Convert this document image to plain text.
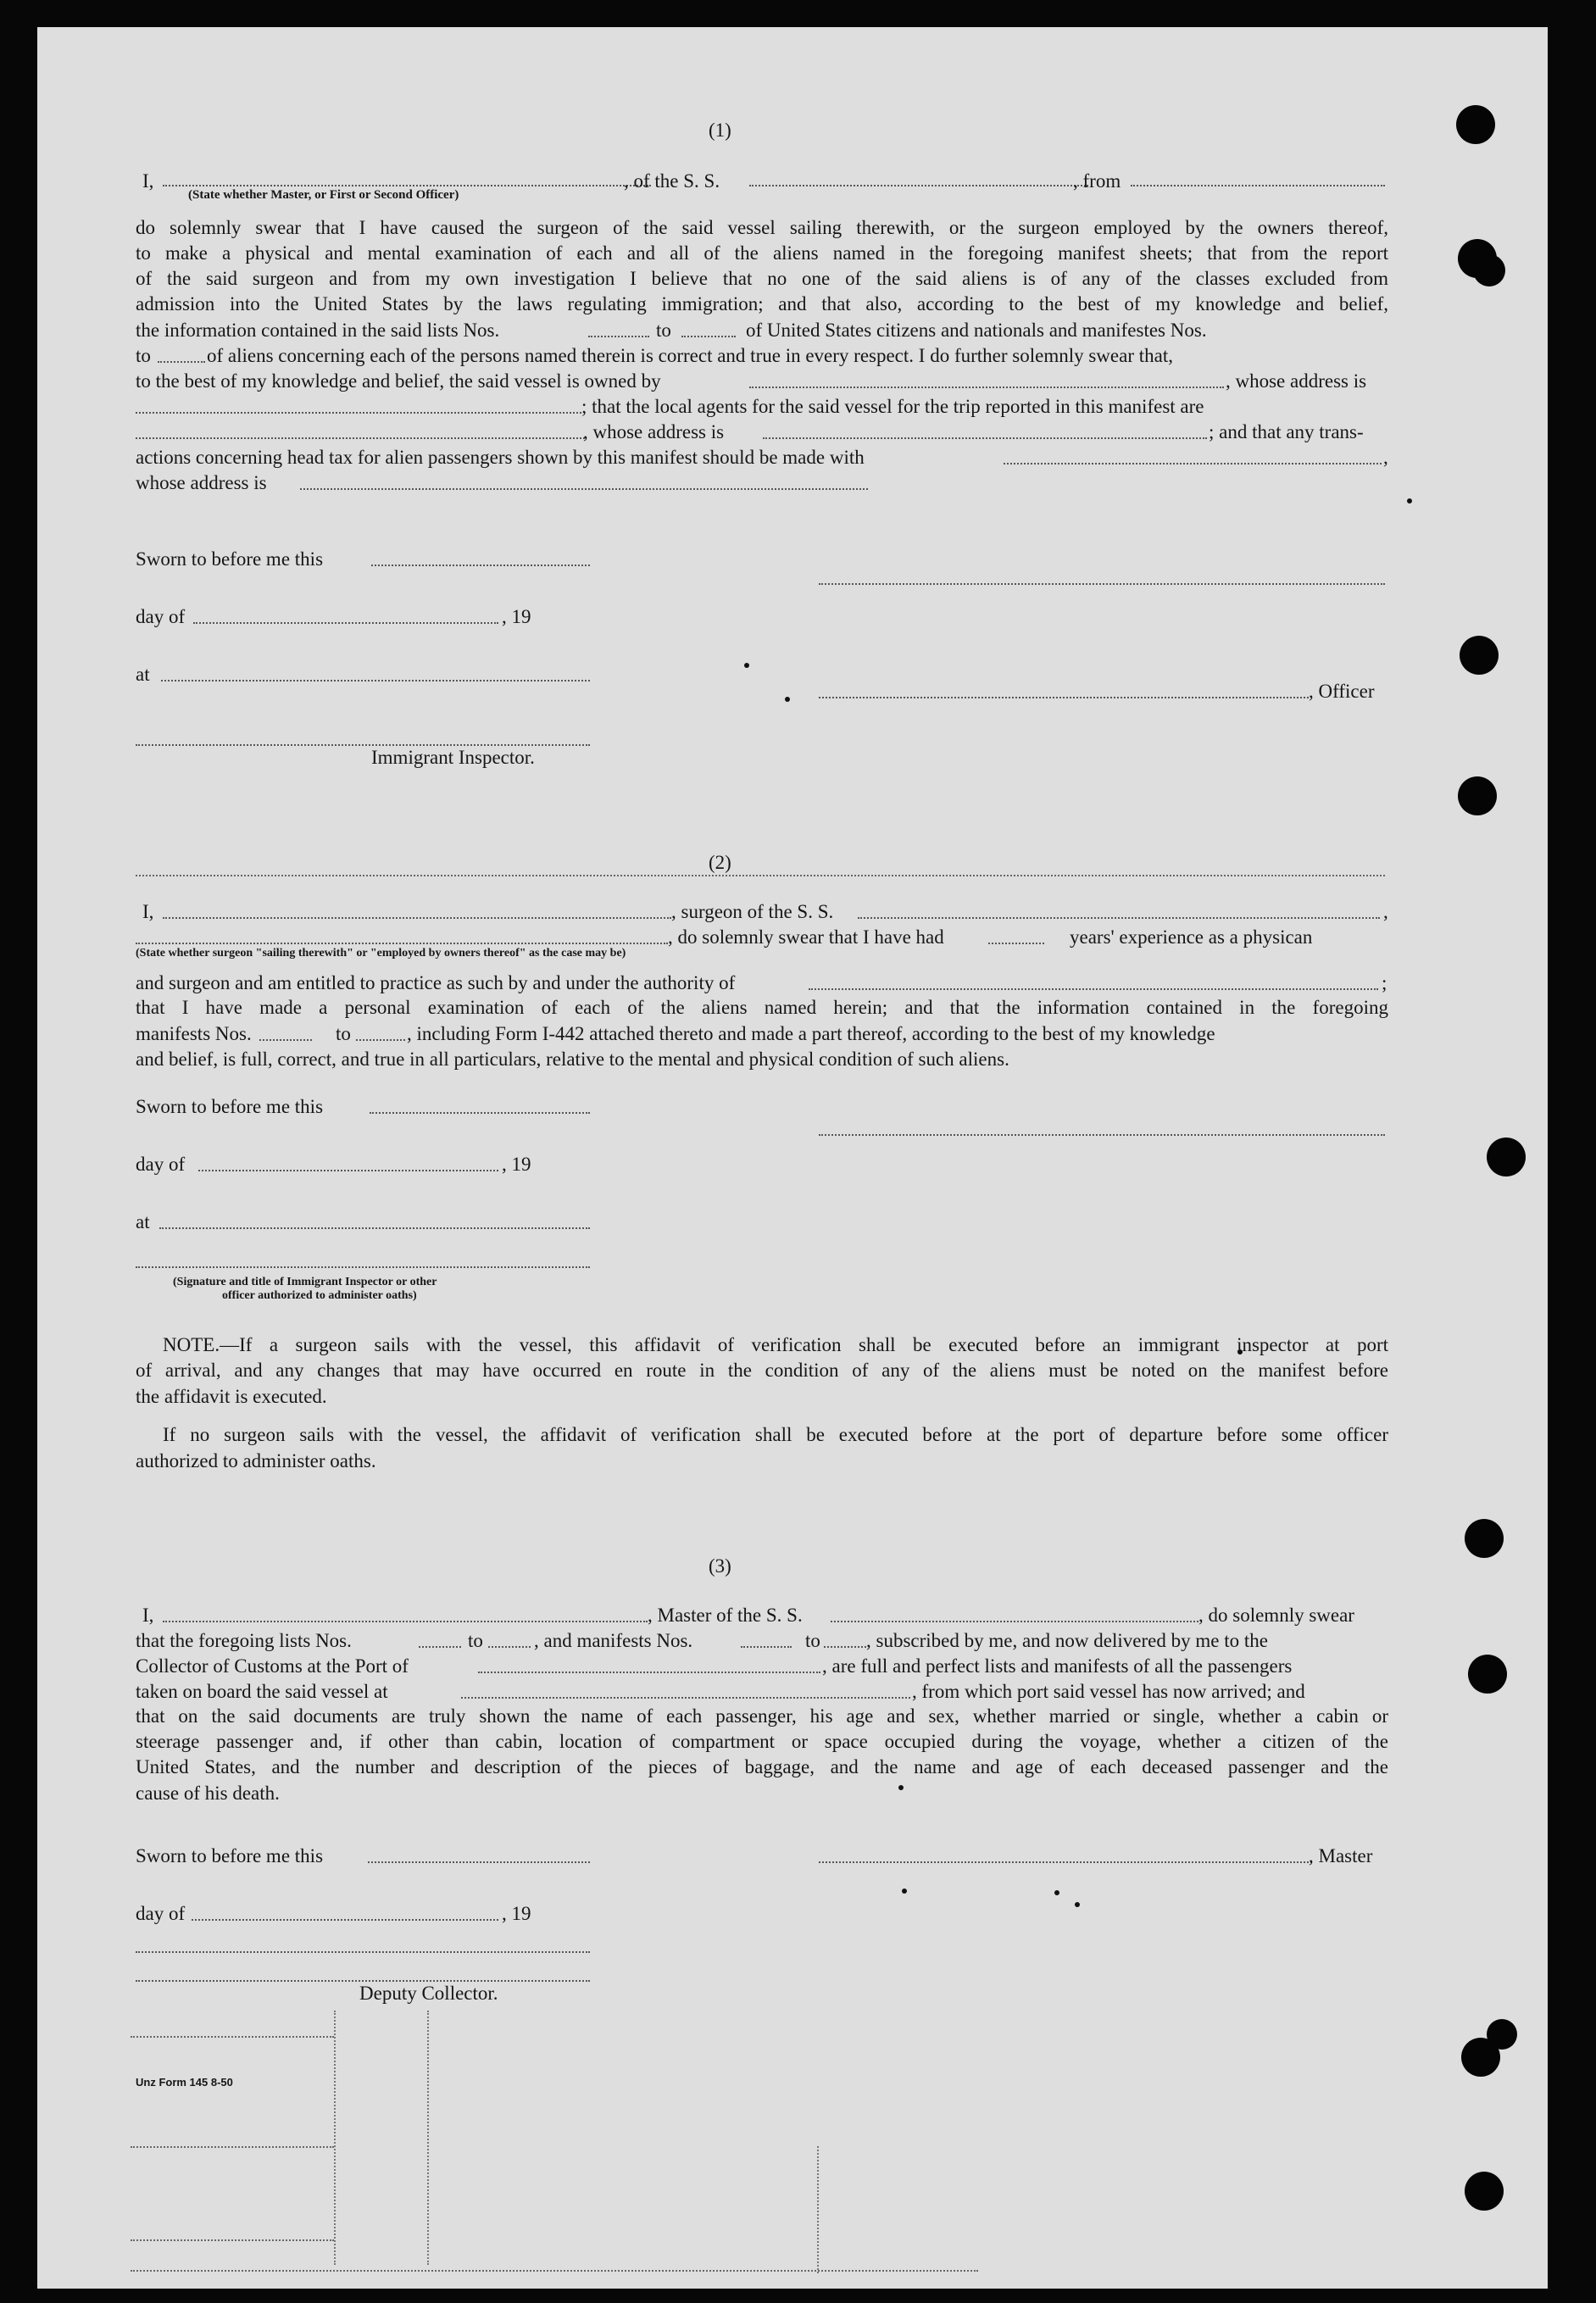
(1)
I,	, of the S. S.	, from
(State whether Master, or First or Second Officer)
do solemnly swear that I have caused the surgeon of the said vessel sailing therewith, or the surgeon employed by the owners thereof,
to make a physical and mental examination of each and all of the aliens named in the foregoing manifest sheets; that from the report
of the said surgeon and from my own investigation I believe that no one of the said aliens is of any of the classes excluded from
admission into the United States by the laws regulating immigration; and that also, according to the best of my knowledge and belief,
the information contained in the said lists Nos.	to	of United States citizens and nationals and manifestes Nos.
to	of aliens concerning each of the persons named therein is correct and true in every respect. I do further solemnly swear that,
to the best of my knowledge and belief, the said vessel is owned by	, whose address is
; that the local agents for the said vessel for the trip reported in this manifest are
, whose address is	; and that any trans-
actions concerning head tax for alien passengers shown by this manifest should be made with	,
whose address is
Sworn to before me this
day of	, 19
at
, Officer
Immigrant Inspector.
(2)
I,	, surgeon of the S. S.	,
, do solemnly swear that I have had	years' experience as a physican
(State whether surgeon "sailing therewith" or "employed by owners thereof" as the case may be)
and surgeon and am entitled to practice as such by and under the authority of	;
that I have made a personal examination of each of the aliens named herein; and that the information contained in the foregoing
manifests Nos.	to	, including Form I-442 attached thereto and made a part thereof, according to the best of my knowledge
and belief, is full, correct, and true in all particulars, relative to the mental and physical condition of such aliens.
Sworn to before me this
day of	, 19
at
(Signature and title of Immigrant Inspector or other
officer authorized to administer oaths)
NOTE.—If a surgeon sails with the vessel, this affidavit of verification shall be executed before an immigrant inspector at port
of arrival, and any changes that may have occurred en route in the condition of any of the aliens must be noted on the manifest before
the affidavit is executed.
If no surgeon sails with the vessel, the affidavit of verification shall be executed before at the port of departure before some officer
authorized to administer oaths.
(3)
I,	, Master of the S. S.	, do solemnly swear
that the foregoing lists Nos.	to	, and manifests Nos.	to , subscribed by me, and now delivered by me to the
Collector of Customs at the Port of	, are full and perfect lists and manifests of all the passengers
taken on board the said vessel at	, from which port said vessel has now arrived; and
that on the said documents are truly shown the name of each passenger, his age and sex, whether married or single, whether a cabin or
steerage passenger and, if other than cabin, location of compartment or space occupied during the voyage, whether a citizen of the
United States, and the number and description of the pieces of baggage, and the name and age of each deceased passenger and the
cause of his death.
Sworn to before me this	, Master
day of	, 19
Deputy Collector.
Unz Form 145 8-50
